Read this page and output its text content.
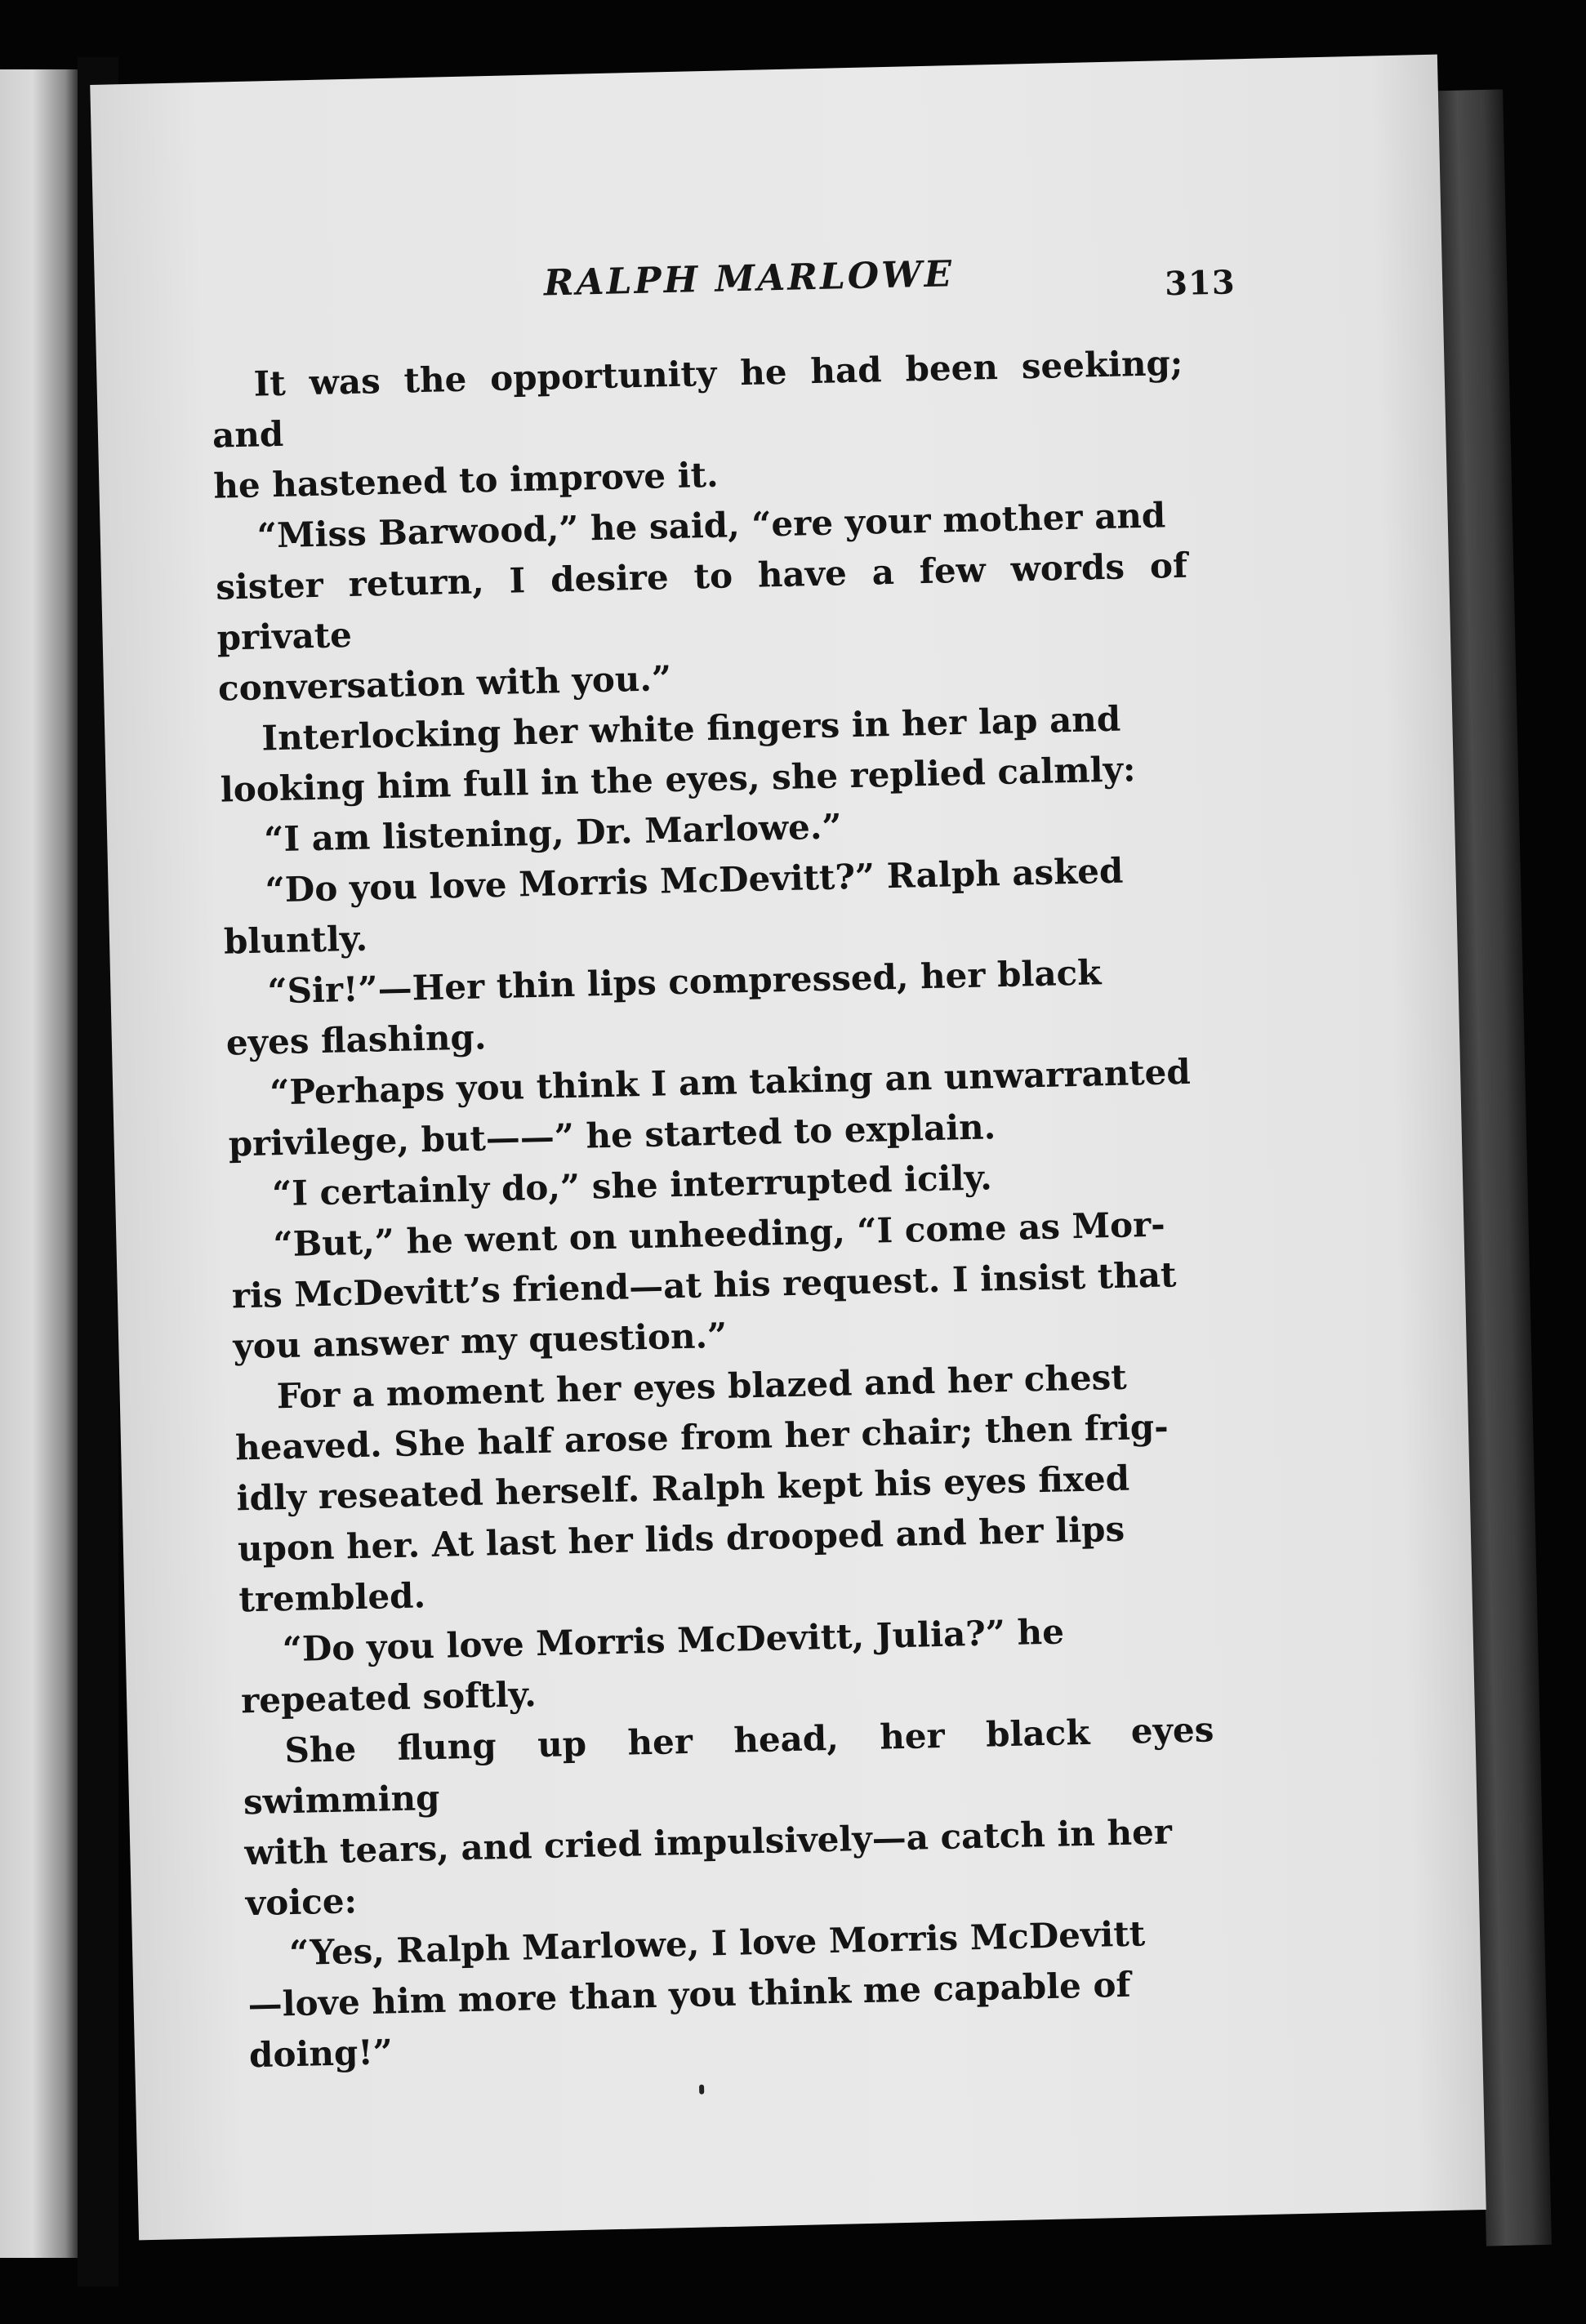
RALPH MARLOWE	313

It was the opportunity he had been seeking; and
he hastened to improve it.

“Miss Barwood,” he said, “ere your mother and
sister return, I desire to have a few words of private
conversation with you.”

Interlocking her white fingers in her lap and
looking him full in the eyes, she replied calmly:

“I am listening, Dr. Marlowe.”

“Do you love Morris McDevitt?” Ralph asked
bluntly.

“Sir!”—Her thin lips compressed, her black
eyes flashing.

“Perhaps you think I am taking an unwarranted
privilege, but——” he started to explain.

“I certainly do,” she interrupted icily.

“But,” he went on unheeding, “I come as Mor-
ris McDevitt’s friend—at his request. I insist that
you answer my question.”

For a moment her eyes blazed and her chest
heaved. She half arose from her chair; then frig-
idly reseated herself. Ralph kept his eyes fixed
upon her. At last her lids drooped and her lips
trembled.

“Do you love Morris McDevitt, Julia?” he
repeated softly.

She flung up her head, her black eyes swimming
with tears, and cried impulsively—a catch in her
voice:

“Yes, Ralph Marlowe, I love Morris McDevitt
—love him more than you think me capable of
doing!”
